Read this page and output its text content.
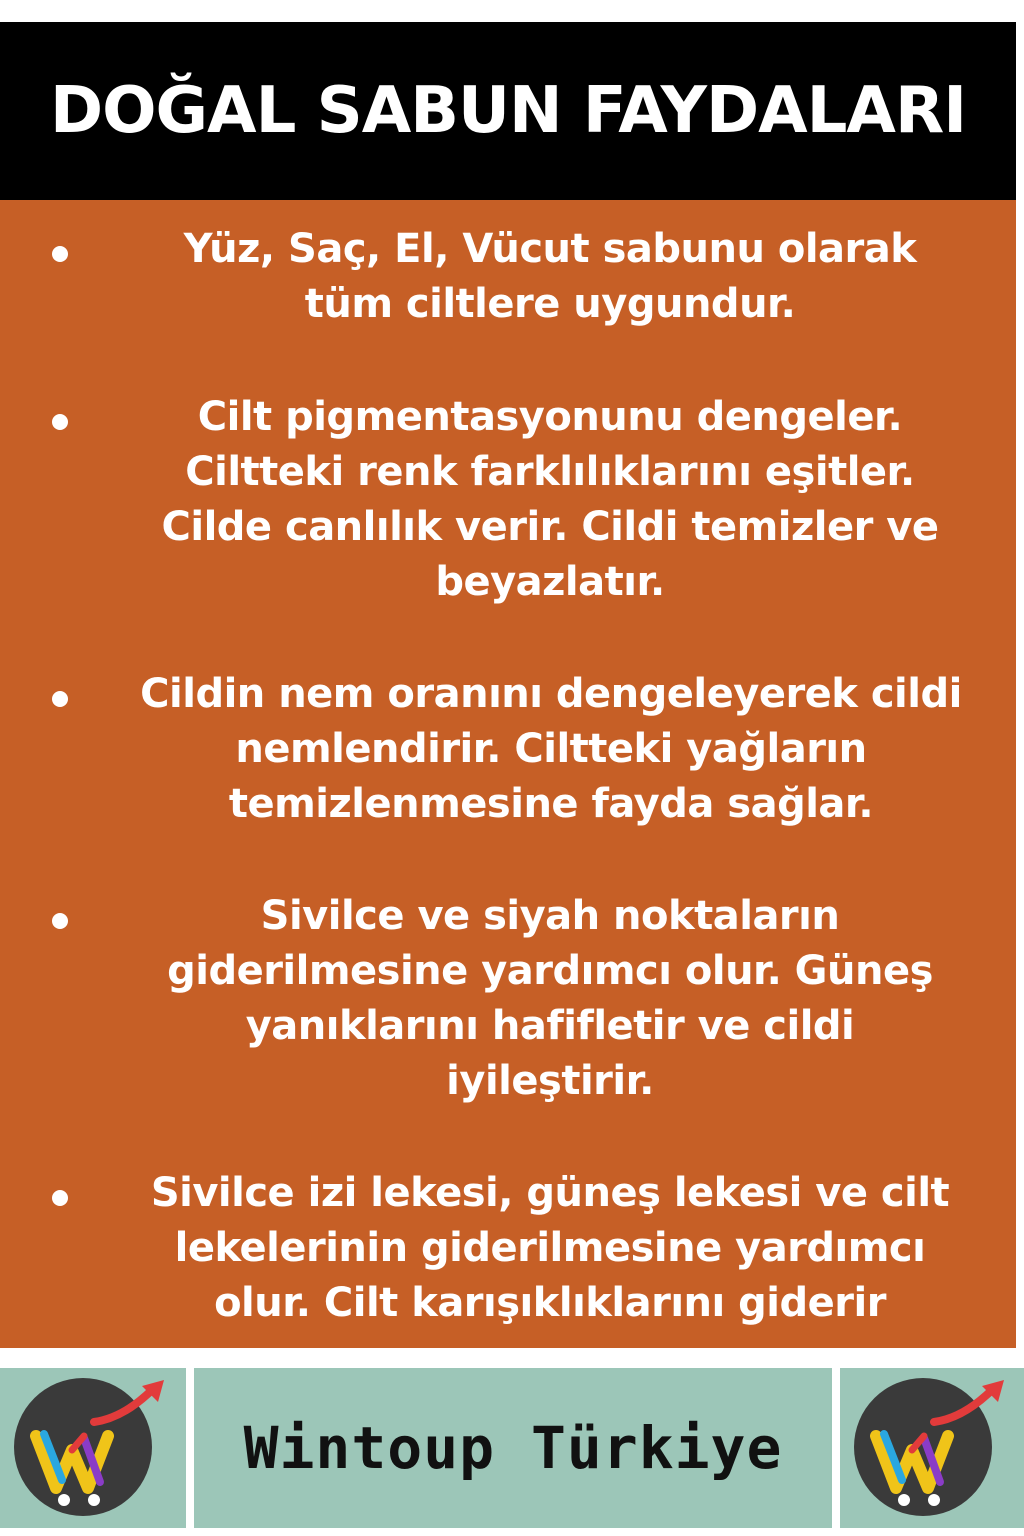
DOĞAL SABUN FAYDALARI
Yüz, Saç, El, Vücut sabunu olarak
tüm ciltlere uygundur.
Cilt pigmentasyonunu dengeler.
Ciltteki renk farklılıklarını eşitler.
Cilde canlılık verir. Cildi temizler ve
beyazlatır.
Cildin nem oranını dengeleyerek cildi
nemlendirir. Ciltteki yağların
temizlenmesine fayda sağlar.
Sivilce ve siyah noktaların
giderilmesine yardımcı olur. Güneş
yanıklarını hafifletir ve cildi
iyileştirir.
Sivilce izi lekesi, güneş lekesi ve cilt
lekelerinin giderilmesine yardımcı
olur. Cilt karışıklıklarını giderir
Wintoup Türkiye
